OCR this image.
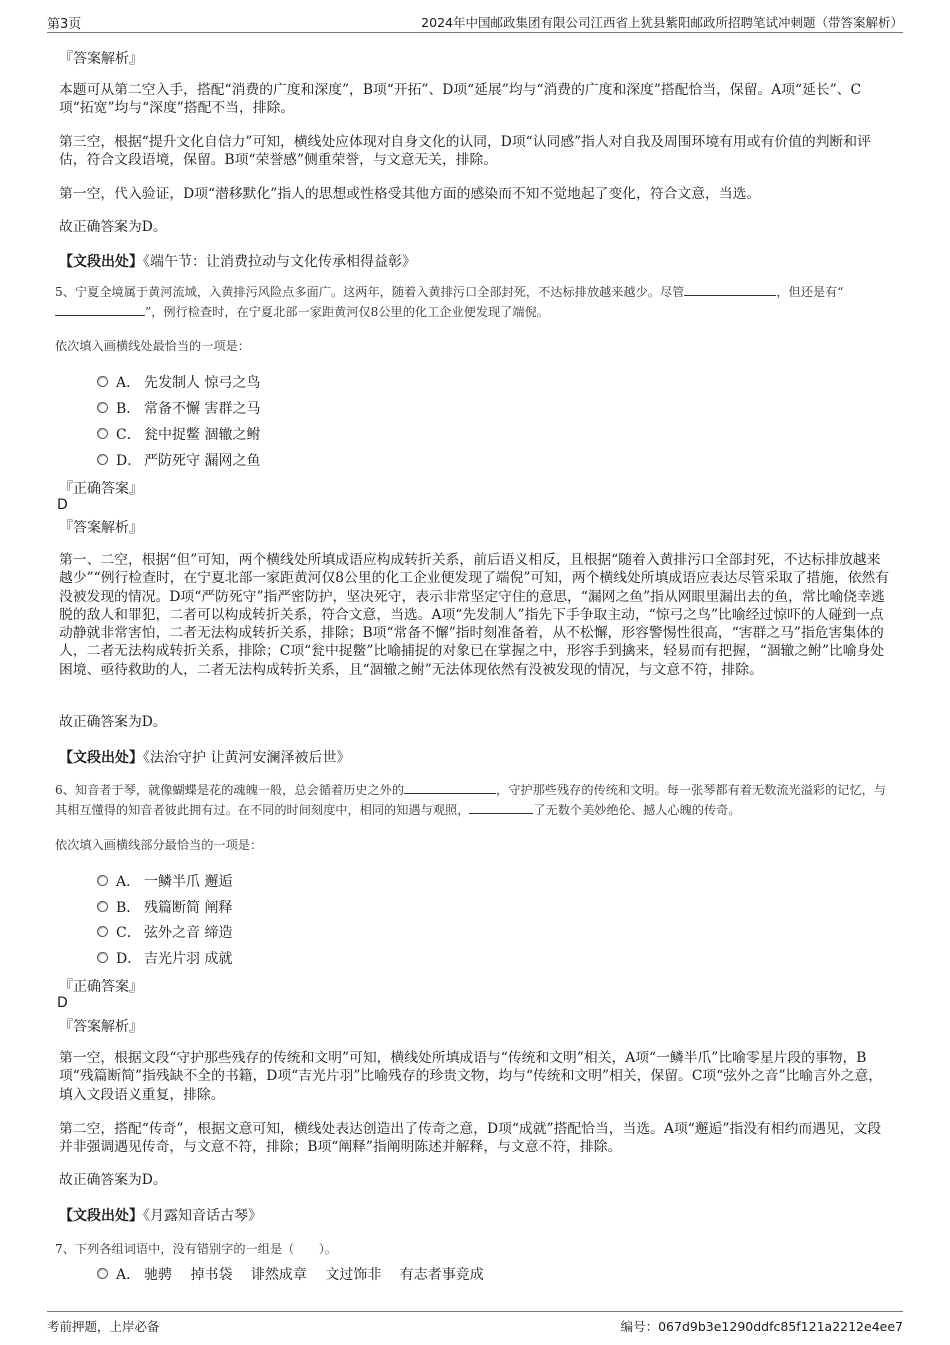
第3页	2024年中国邮政集团有限公司江西省上犹县紫阳邮政所招聘笔试冲刺题（带答案解析）
『答案解析』

本题可从第二空入手，搭配“消费的广度和深度”，B项“开拓”、D项“延展”均与“消费的广度和深度”搭配恰当，保留。A项“延长”、C项“拓宽”均与“深度”搭配不当，排除。

第三空，根据“提升文化自信力”可知，横线处应体现对自身文化的认同，D项“认同感”指人对自我及周围环境有用或有价值的判断和评估，符合文段语境，保留。B项“荣誉感”侧重荣誉，与文意无关，排除。

第一空，代入验证，D项“潜移默化”指人的思想或性格受其他方面的感染而不知不觉地起了变化，符合文意，当选。

故正确答案为D。

【文段出处】《端午节：让消费拉动与文化传承相得益彰》

5、宁夏全境属于黄河流域，入黄排污风险点多面广。这两年，随着入黄排污口全部封死，不达标排放越来越少。尽管	，但还是有“”，例行检查时，在宁夏北部一家距黄河仅8公里的化工企业便发现了端倪。

依次填入画横线处最恰当的一项是：
A． 先发制人 惊弓之鸟
B． 常备不懈 害群之马
C． 瓮中捉鳖 涸辙之鲋
D． 严防死守 漏网之鱼
『正确答案』
D
『答案解析』

第一、二空，根据“但”可知，两个横线处所填成语应构成转折关系，前后语义相反，且根据“随着入黄排污口全部封死，不达标排放越来越少”“例行检查时，在宁夏北部一家距黄河仅8公里的化工企业便发现了端倪”可知，两个横线处所填成语应表达尽管采取了措施，依然有没被发现的情况。D项“严防死守”指严密防护，坚决死守，表示非常坚定守住的意思，“漏网之鱼”指从网眼里漏出去的鱼，常比喻侥幸逃脱的敌人和罪犯，二者可以构成转折关系，符合文意，当选。A项“先发制人”指先下手争取主动，“惊弓之鸟”比喻经过惊吓的人碰到一点动静就非常害怕，二者无法构成转折关系，排除；B项“常备不懈”指时刻准备着，从不松懈，形容警惕性很高，“害群之马”指危害集体的人，二者无法构成转折关系，排除；C项“瓮中捉鳖”比喻捕捉的对象已在掌握之中，形容手到擒来，轻易而有把握，“涸辙之鲋”比喻身处困境、亟待救助的人，二者无法构成转折关系，且“涸辙之鲋”无法体现依然有没被发现的情况，与文意不符，排除。

故正确答案为D。

【文段出处】《法治守护 让黄河安澜泽被后世》

6、知音者于琴，就像蝴蝶是花的魂魄一般，总会循着历史之外的	，守护那些残存的传统和文明。每一张琴都有着无数流光溢彩的记忆，与其相互懂得的知音者彼此拥有过。在不同的时间刻度中，相同的知遇与观照，	了无数个美妙绝伦、撼人心魄的传奇。

依次填入画横线部分最恰当的一项是：
A． 一鳞半爪 邂逅
B． 残篇断简 阐释
C． 弦外之音 缔造
D． 吉光片羽 成就
『正确答案』
D
『答案解析』

第一空，根据文段“守护那些残存的传统和文明”可知，横线处所填成语与“传统和文明”相关，A项“一鳞半爪”比喻零星片段的事物，B项“残篇断简”指残缺不全的书籍，D项“吉光片羽”比喻残存的珍贵文物，均与“传统和文明”相关，保留。C项“弦外之音”比喻言外之意，填入文段语义重复，排除。

第二空，搭配“传奇”，根据文意可知，横线处表达创造出了传奇之意，D项“成就”搭配恰当，当选。A项“邂逅”指没有相约而遇见，文段并非强调遇见传奇，与文意不符，排除；B项“阐释”指阐明陈述并解释，与文意不符，排除。

故正确答案为D。

【文段出处】《月露知音话古琴》
7、下列各组词语中，没有错别字的一组是（　　）。
A． 驰骋　 掉书袋　 诽然成章　 文过饰非　 有志者事竞成
考前押题，上岸必备	编号：067d9b3e1290ddfc85f121a2212e4ee7
